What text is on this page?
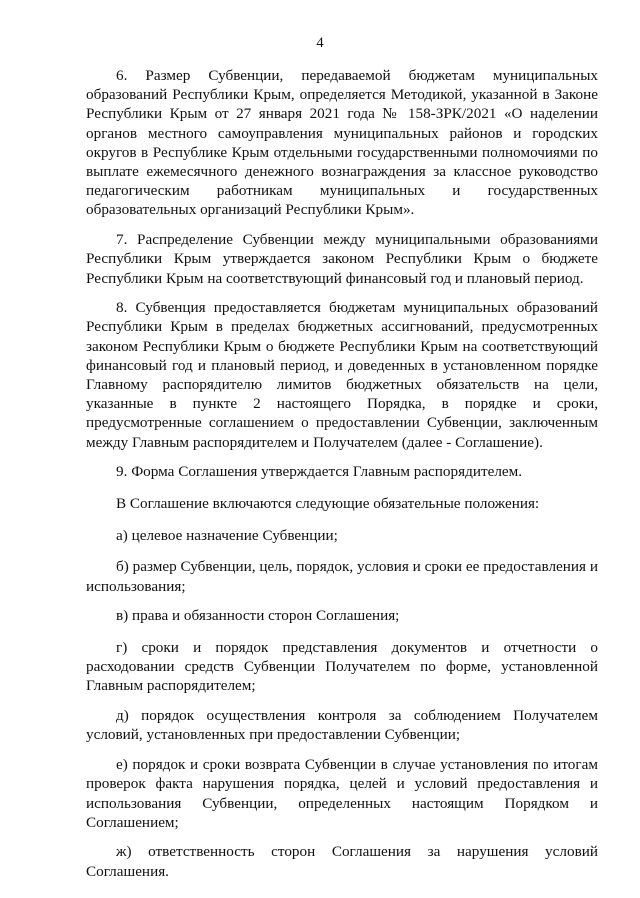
4

6. Размер Субвенции, передаваемой бюджетам муниципальных образований Республики Крым, определяется Методикой, указанной в Законе Республики Крым от 27 января 2021 года № 158-ЗРК/2021 «О наделении органов местного самоуправления муниципальных районов и городских округов в Республике Крым отдельными государственными полномочиями по выплате ежемесячного денежного вознаграждения за классное руководство педагогическим работникам муниципальных и государственных образовательных организаций Республики Крым».

7. Распределение Субвенции между муниципальными образованиями Республики Крым утверждается законом Республики Крым о бюджете Республики Крым на соответствующий финансовый год и плановый период.

8. Субвенция предоставляется бюджетам муниципальных образований Республики Крым в пределах бюджетных ассигнований, предусмотренных законом Республики Крым о бюджете Республики Крым на соответствующий финансовый год и плановый период, и доведенных в установленном порядке Главному распорядителю лимитов бюджетных обязательств на цели, указанные в пункте 2 настоящего Порядка, в порядке и сроки, предусмотренные соглашением о предоставлении Субвенции, заключенным между Главным распорядителем и Получателем (далее - Соглашение).

9. Форма Соглашения утверждается Главным распорядителем.

В Соглашение включаются следующие обязательные положения:

а) целевое назначение Субвенции;

б) размер Субвенции, цель, порядок, условия и сроки ее предоставления и использования;

в) права и обязанности сторон Соглашения;

г) сроки и порядок представления документов и отчетности о расходовании средств Субвенции Получателем по форме, установленной Главным распорядителем;

д) порядок осуществления контроля за соблюдением Получателем условий, установленных при предоставлении Субвенции;

е) порядок и сроки возврата Субвенции в случае установления по итогам проверок факта нарушения порядка, целей и условий предоставления и использования Субвенции, определенных настоящим Порядком и Соглашением;

ж) ответственность сторон Соглашения за нарушения условий Соглашения.
